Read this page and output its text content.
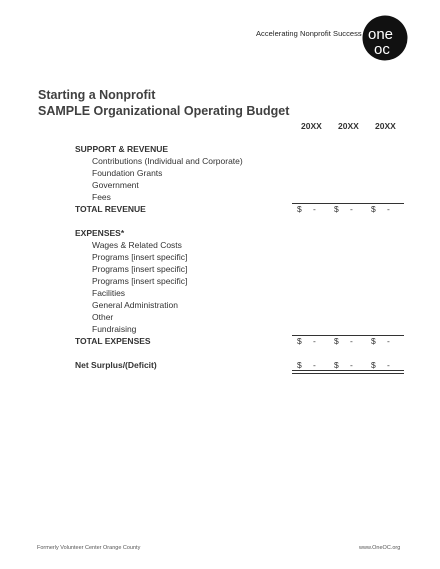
Accelerating Nonprofit Success one
oc
Starting a Nonprofit
SAMPLE Organizational Operating Budget
20XX 20XX 20XX
SUPPORT & REVENUE
Contributions (Individual and Corporate)
Foundation Grants
Government
Fees
TOTAL REVENUE	$ - $ - $ -
EXPENSES*
Wages & Related Costs
Programs [insert specific]
Programs [insert specific]
Programs [insert specific]
Facilities
General Administration
Other
Fundraising
TOTAL EXPENSES	$ - $ - $ -
Net Surplus/(Deficit)	$ - $ - $ -
Formerly Volunteer Center Orange County	www.OneOC.org
